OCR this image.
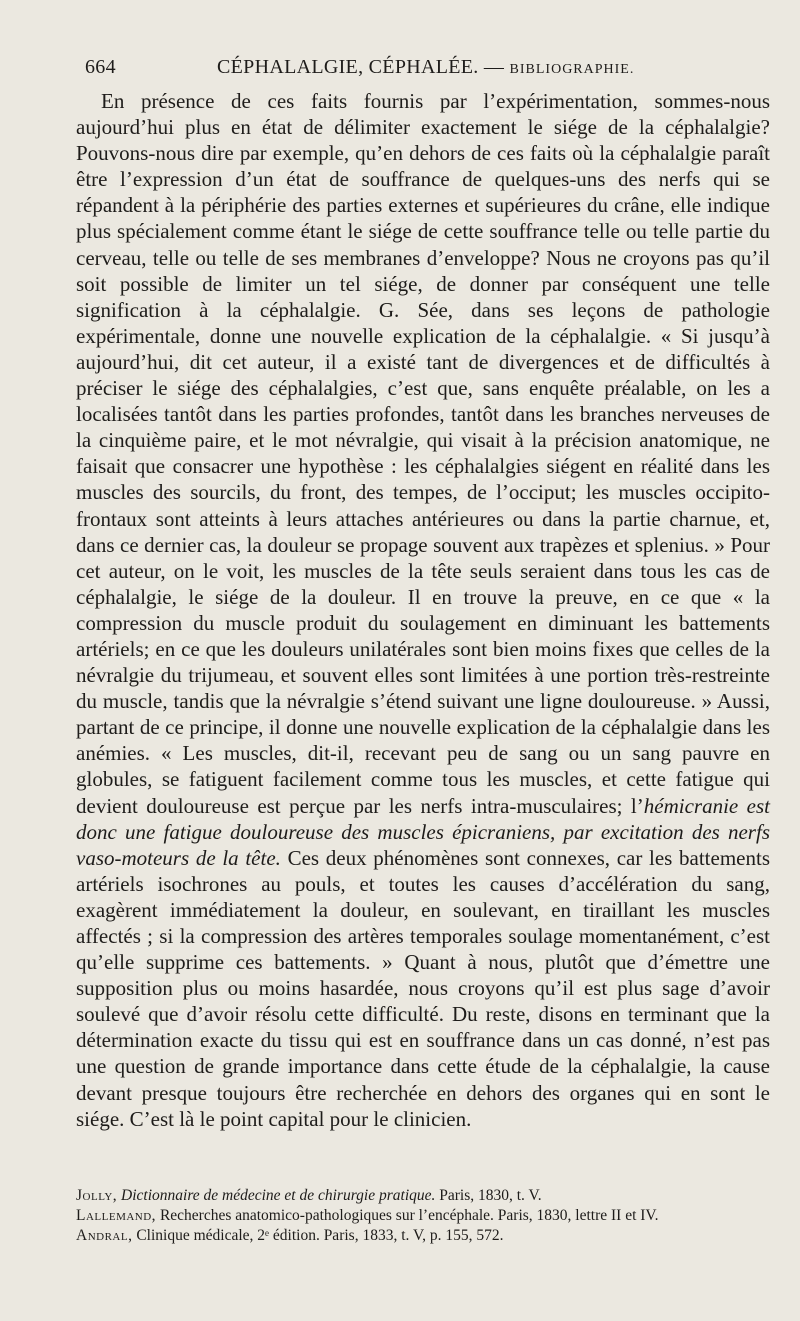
664	CÉPHALALGIE, CÉPHALÉE. — BIBLIOGRAPHIE.

En présence de ces faits fournis par l’expérimentation, sommes-nous aujourd’hui plus en état de délimiter exactement le siége de la céphalalgie? Pouvons-nous dire par exemple, qu’en dehors de ces faits où la céphalalgie paraît être l’expression d’un état de souffrance de quelques-uns des nerfs qui se répandent à la périphérie des parties externes et supérieures du crâne, elle indique plus spécialement comme étant le siége de cette souffrance telle ou telle partie du cerveau, telle ou telle de ses membranes d’enveloppe? Nous ne croyons pas qu’il soit possible de limiter un tel siége, de donner par conséquent une telle signification à la céphalalgie. G. Sée, dans ses leçons de pathologie expérimentale, donne une nouvelle explication de la céphalalgie. « Si jusqu’à aujourd’hui, dit cet auteur, il a existé tant de divergences et de difficultés à préciser le siége des céphalalgies, c’est que, sans enquête préalable, on les a localisées tantôt dans les parties profondes, tantôt dans les branches nerveuses de la cinquième paire, et le mot névralgie, qui visait à la précision anatomique, ne faisait que consacrer une hypothèse : les céphalalgies siégent en réalité dans les muscles des sourcils, du front, des tempes, de l’occiput; les muscles occipito-frontaux sont atteints à leurs attaches antérieures ou dans la partie charnue, et, dans ce dernier cas, la douleur se propage souvent aux trapèzes et splenius. » Pour cet auteur, on le voit, les muscles de la tête seuls seraient dans tous les cas de céphalalgie, le siége de la douleur. Il en trouve la preuve, en ce que « la compression du muscle produit du soulagement en diminuant les battements artériels; en ce que les douleurs unilatérales sont bien moins fixes que celles de la névralgie du trijumeau, et souvent elles sont limitées à une portion très-restreinte du muscle, tandis que la névralgie s’étend suivant une ligne douloureuse. » Aussi, partant de ce principe, il donne une nouvelle explication de la céphalalgie dans les anémies. « Les muscles, dit-il, recevant peu de sang ou un sang pauvre en globules, se fatiguent facilement comme tous les muscles, et cette fatigue qui devient douloureuse est perçue par les nerfs intra-musculaires; l’hémicranie est donc une fatigue douloureuse des muscles épicraniens, par excitation des nerfs vaso-moteurs de la tête. Ces deux phénomènes sont connexes, car les battements artériels isochrones au pouls, et toutes les causes d’accélération du sang, exagèrent immédiatement la douleur, en soulevant, en tiraillant les muscles affectés ; si la compression des artères temporales soulage momentanément, c’est qu’elle supprime ces battements. » Quant à nous, plutôt que d’émettre une supposition plus ou moins hasardée, nous croyons qu’il est plus sage d’avoir soulevé que d’avoir résolu cette difficulté. Du reste, disons en terminant que la détermination exacte du tissu qui est en souffrance dans un cas donné, n’est pas une question de grande importance dans cette étude de la céphalalgie, la cause devant presque toujours être recherchée en dehors des organes qui en sont le siége. C’est là le point capital pour le clinicien.

Jolly, Dictionnaire de médecine et de chirurgie pratique. Paris, 1830, t. V.
Lallemand, Recherches anatomico-pathologiques sur l’encéphale. Paris, 1830, lettre II et IV.
Andral, Clinique médicale, 2ᵉ édition. Paris, 1833, t. V, p. 155, 572.
